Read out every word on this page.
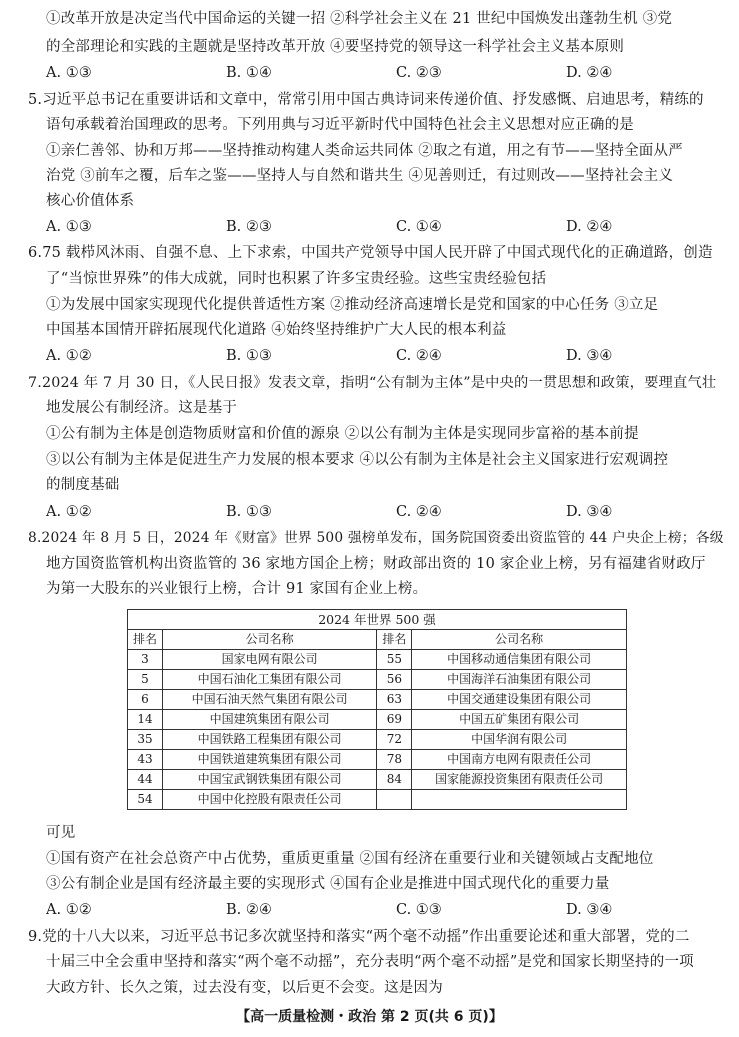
①改革开放是决定当代中国命运的关键一招 ②科学社会主义在 21 世纪中国焕发出蓬勃生机 ③党
的全部理论和实践的主题就是坚持改革开放 ④要坚持党的领导这一科学社会主义基本原则
A. ①③	B. ①④	C. ②③	D. ②④
5.习近平总书记在重要讲话和文章中，常常引用中国古典诗词来传递价值、抒发感慨、启迪思考，精练的
语句承载着治国理政的思考。下列用典与习近平新时代中国特色社会主义思想对应正确的是
①亲仁善邻、协和万邦——坚持推动构建人类命运共同体 ②取之有道，用之有节——坚持全面从严
治党 ③前车之覆，后车之鉴——坚持人与自然和谐共生 ④见善则迁，有过则改——坚持社会主义
核心价值体系
A. ①③	B. ②③	C. ①④	D. ②④
6.75 载栉风沐雨、自强不息、上下求索，中国共产党领导中国人民开辟了中国式现代化的正确道路，创造
了“当惊世界殊”的伟大成就，同时也积累了许多宝贵经验。这些宝贵经验包括
①为发展中国家实现现代化提供普适性方案 ②推动经济高速增长是党和国家的中心任务 ③立足
中国基本国情开辟拓展现代化道路 ④始终坚持维护广大人民的根本利益
A. ①②	B. ①③	C. ②④	D. ③④
7.2024 年 7 月 30 日，《人民日报》发表文章，指明“公有制为主体”是中央的一贯思想和政策，要理直气壮
地发展公有制经济。这是基于
①公有制为主体是创造物质财富和价值的源泉 ②以公有制为主体是实现同步富裕的基本前提
③以公有制为主体是促进生产力发展的根本要求 ④以公有制为主体是社会主义国家进行宏观调控
的制度基础
A. ①②	B. ①③	C. ②④	D. ③④
8.2024 年 8 月 5 日，2024 年《财富》世界 500 强榜单发布，国务院国资委出资监管的 44 户央企上榜；各级
地方国资监管机构出资监管的 36 家地方国企上榜；财政部出资的 10 家企业上榜，另有福建省财政厅
为第一大股东的兴业银行上榜，合计 91 家国有企业上榜。
2024 年世界 500 强			
排名	公司名称	排名	公司名称
3	国家电网有限公司	55	中国移动通信集团有限公司
5	中国石油化工集团有限公司	56	中国海洋石油集团有限公司
6	中国石油天然气集团有限公司	63	中国交通建设集团有限公司
14	中国建筑集团有限公司	69	中国五矿集团有限公司
35	中国铁路工程集团有限公司	72	中国华润有限公司
43	中国铁道建筑集团有限公司	78	中国南方电网有限责任公司
44	中国宝武钢铁集团有限公司	84	国家能源投资集团有限责任公司
54	中国中化控股有限责任公司		
可见
①国有资产在社会总资产中占优势，重质更重量 ②国有经济在重要行业和关键领域占支配地位
③公有制企业是国有经济最主要的实现形式 ④国有企业是推进中国式现代化的重要力量
A. ①②	B. ②④	C. ①③	D. ③④
9.党的十八大以来，习近平总书记多次就坚持和落实“两个毫不动摇”作出重要论述和重大部署，党的二
十届三中全会重申坚持和落实“两个毫不动摇”，充分表明“两个毫不动摇”是党和国家长期坚持的一项
大政方针、长久之策，过去没有变，以后更不会变。这是因为
【高一质量检测・政治 第 2 页(共 6 页)】
